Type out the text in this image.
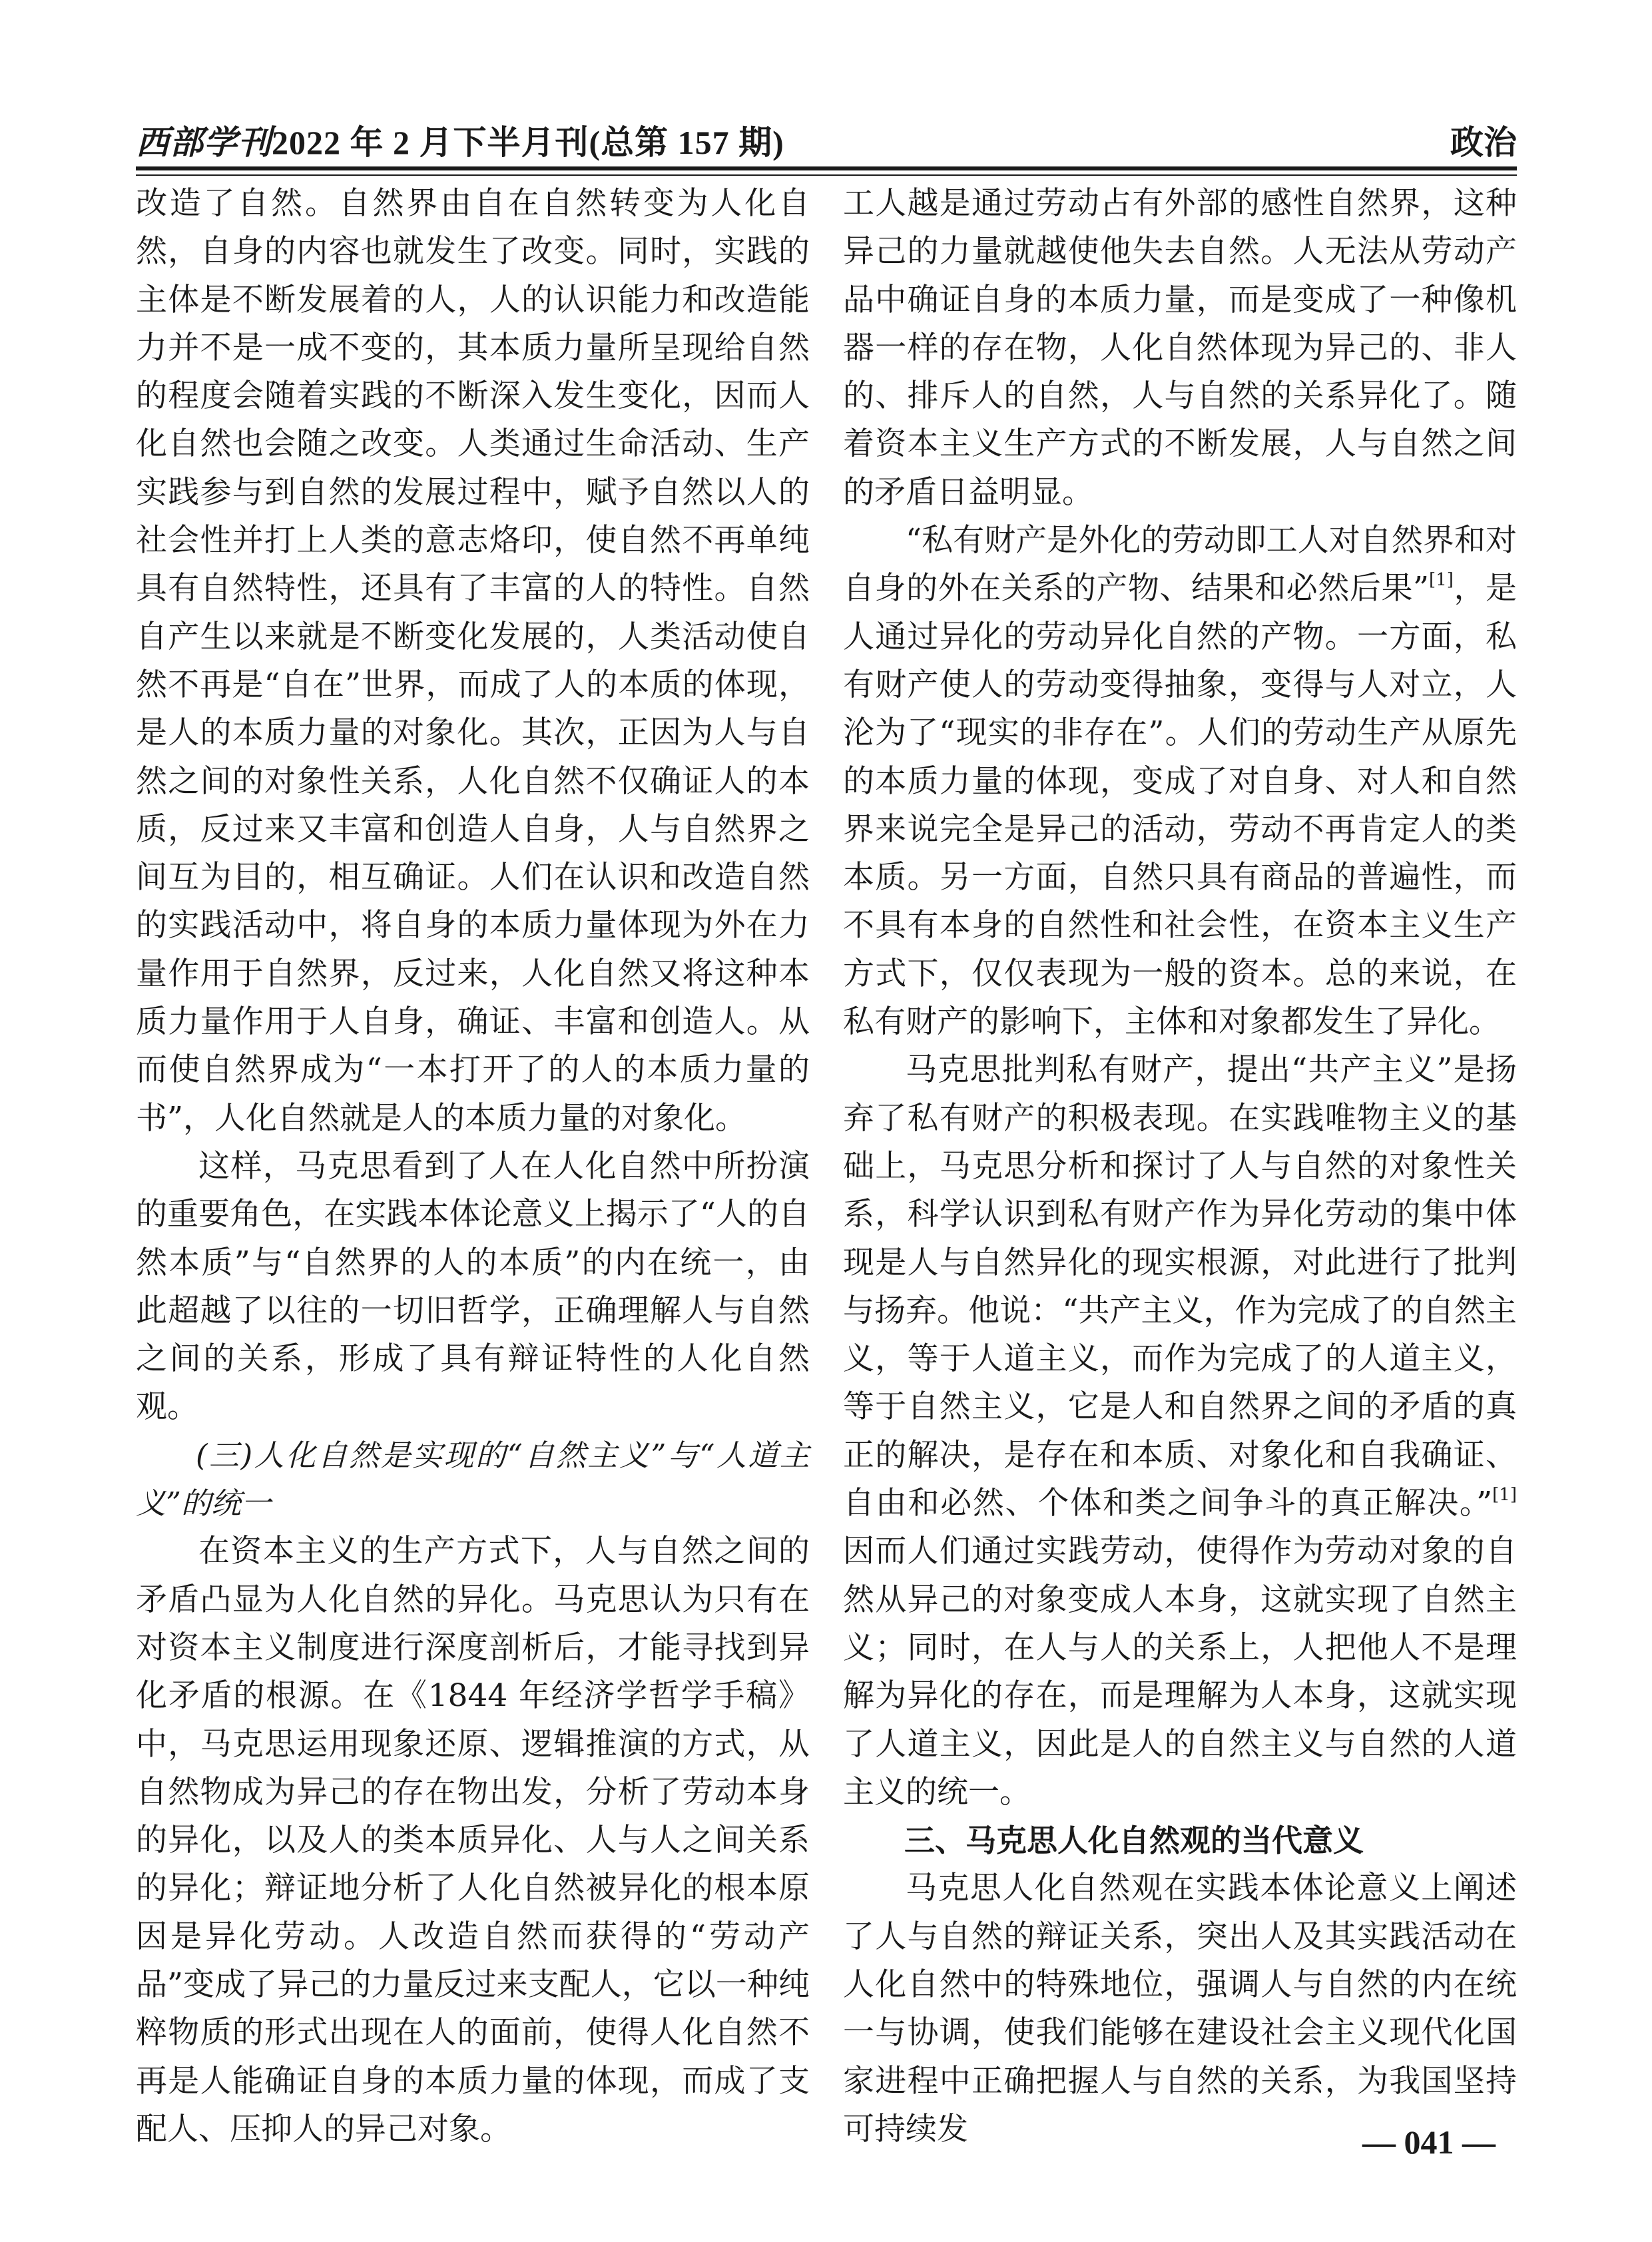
西部学刊2022 年 2 月下半月刊(总第 157 期)	政治

改造了自然。自然界由自在自然转变为人化自然，自身的内容也就发生了改变。同时，实践的主体是不断发展着的人，人的认识能力和改造能力并不是一成不变的，其本质力量所呈现给自然的程度会随着实践的不断深入发生变化，因而人化自然也会随之改变。人类通过生命活动、生产实践参与到自然的发展过程中，赋予自然以人的社会性并打上人类的意志烙印，使自然不再单纯具有自然特性，还具有了丰富的人的特性。自然自产生以来就是不断变化发展的，人类活动使自然不再是“自在”世界，而成了人的本质的体现，是人的本质力量的对象化。其次，正因为人与自然之间的对象性关系，人化自然不仅确证人的本质，反过来又丰富和创造人自身，人与自然界之间互为目的，相互确证。人们在认识和改造自然的实践活动中，将自身的本质力量体现为外在力量作用于自然界，反过来，人化自然又将这种本质力量作用于人自身，确证、丰富和创造人。从而使自然界成为“一本打开了的人的本质力量的书”，人化自然就是人的本质力量的对象化。

这样，马克思看到了人在人化自然中所扮演的重要角色，在实践本体论意义上揭示了“人的自然本质”与“自然界的人的本质”的内在统一，由此超越了以往的一切旧哲学，正确理解人与自然之间的关系，形成了具有辩证特性的人化自然观。

(三)人化自然是实现的“自然主义”与“人道主义”的统一

在资本主义的生产方式下，人与自然之间的矛盾凸显为人化自然的异化。马克思认为只有在对资本主义制度进行深度剖析后，才能寻找到异化矛盾的根源。在《1844 年经济学哲学手稿》中，马克思运用现象还原、逻辑推演的方式，从自然物成为异己的存在物出发，分析了劳动本身的异化，以及人的类本质异化、人与人之间关系的异化；辩证地分析了人化自然被异化的根本原因是异化劳动。人改造自然而获得的“劳动产品”变成了异己的力量反过来支配人，它以一种纯粹物质的形式出现在人的面前，使得人化自然不再是人能确证自身的本质力量的体现，而成了支配人、压抑人的异己对象。

工人越是通过劳动占有外部的感性自然界，这种异己的力量就越使他失去自然。人无法从劳动产品中确证自身的本质力量，而是变成了一种像机器一样的存在物，人化自然体现为异己的、非人的、排斥人的自然，人与自然的关系异化了。随着资本主义生产方式的不断发展，人与自然之间的矛盾日益明显。

“私有财产是外化的劳动即工人对自然界和对自身的外在关系的产物、结果和必然后果”[1]，是人通过异化的劳动异化自然的产物。一方面，私有财产使人的劳动变得抽象，变得与人对立，人沦为了“现实的非存在”。人们的劳动生产从原先的本质力量的体现，变成了对自身、对人和自然界来说完全是异己的活动，劳动不再肯定人的类本质。另一方面，自然只具有商品的普遍性，而不具有本身的自然性和社会性，在资本主义生产方式下，仅仅表现为一般的资本。总的来说，在私有财产的影响下，主体和对象都发生了异化。

马克思批判私有财产，提出“共产主义”是扬弃了私有财产的积极表现。在实践唯物主义的基础上，马克思分析和探讨了人与自然的对象性关系，科学认识到私有财产作为异化劳动的集中体现是人与自然异化的现实根源，对此进行了批判与扬弃。他说：“共产主义，作为完成了的自然主义，等于人道主义，而作为完成了的人道主义，等于自然主义，它是人和自然界之间的矛盾的真正的解决，是存在和本质、对象化和自我确证、自由和必然、个体和类之间争斗的真正解决。”[1]因而人们通过实践劳动，使得作为劳动对象的自然从异己的对象变成人本身，这就实现了自然主义；同时，在人与人的关系上，人把他人不是理解为异化的存在，而是理解为人本身，这就实现了人道主义，因此是人的自然主义与自然的人道主义的统一。

三、马克思人化自然观的当代意义

马克思人化自然观在实践本体论意义上阐述了人与自然的辩证关系，突出人及其实践活动在人化自然中的特殊地位，强调人与自然的内在统一与协调，使我们能够在建设社会主义现代化国家进程中正确把握人与自然的关系，为我国坚持可持续发	— 041 —
